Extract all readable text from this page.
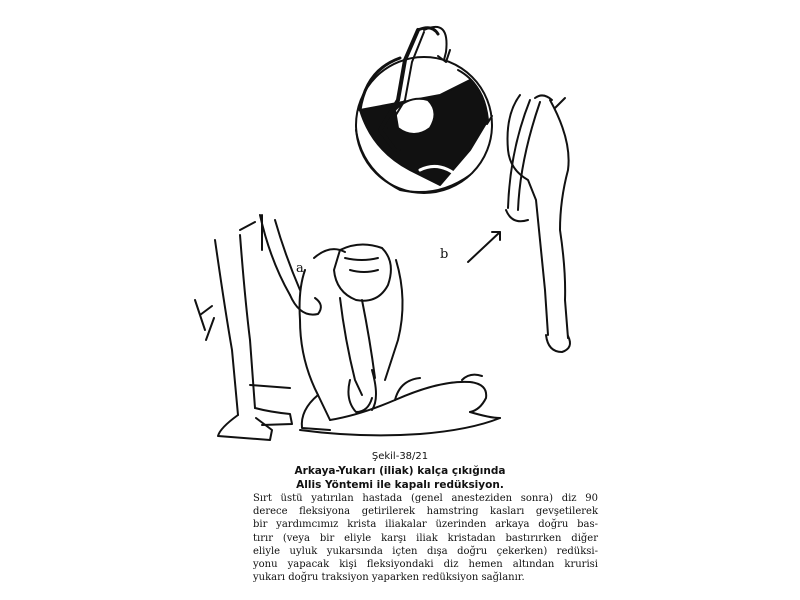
a
b
Şekil-38/21
Arkaya-Yukarı (iliak) kalça çıkığında
Allis Yöntemi ile kapalı redüksiyon.
Sırt üstü yatırılan hastada (genel anesteziden sonra) diz 90
derece fleksiyona getirilerek hamstring kasları gevşetilerek
bir yardımcımız krista iliakalar üzerinden arkaya doğru bas-
tırır (veya bir eliyle karşı iliak kristadan bastırırken diğer
eliyle uyluk yukarsında içten dışa doğru çekerken) redüksi-
yonu yapacak kişi fleksiyondaki diz hemen altından krurisi
yukarı doğru traksiyon yaparken redüksiyon sağlanır.
